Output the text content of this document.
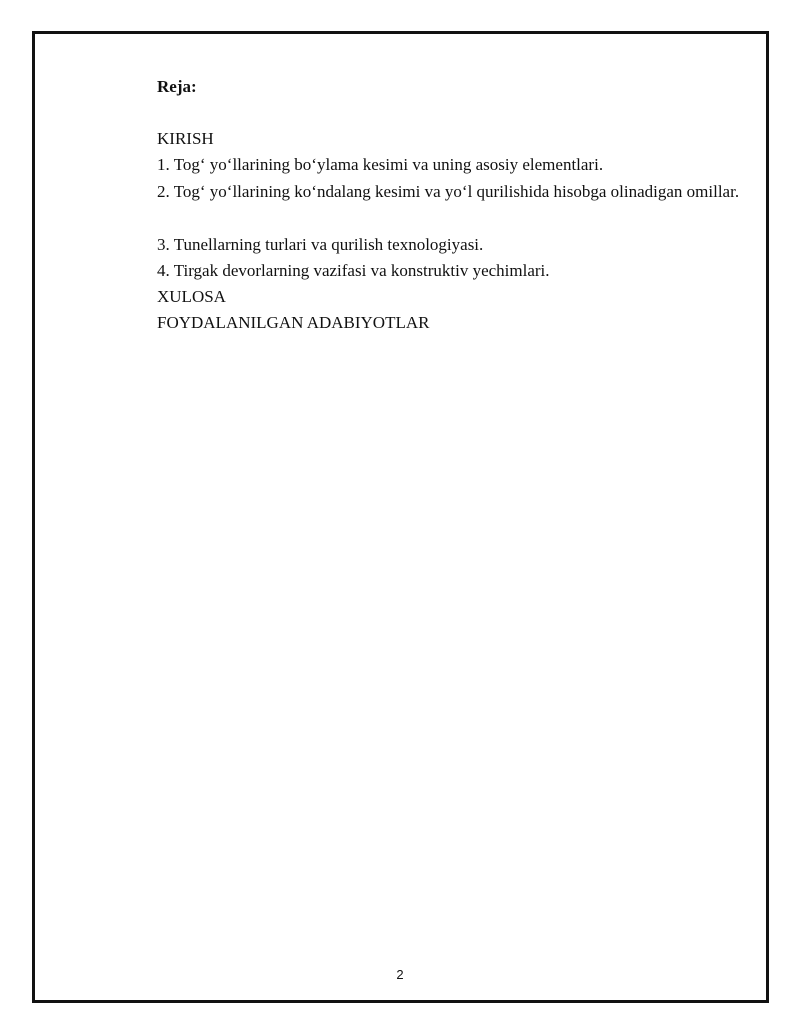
Reja:
KIRISH
1. Tog‘ yo‘llarining bo‘ylama kesimi va uning asosiy elementlari.
2. Tog‘ yo‘llarining ko‘ndalang kesimi va yo‘l qurilishida hisobga olinadigan omillar.
3. Tunellarning turlari va qurilish texnologiyasi.
4. Tirgak devorlarning vazifasi va konstruktiv yechimlari.
XULOSA
FOYDALANILGAN ADABIYOTLAR
2
